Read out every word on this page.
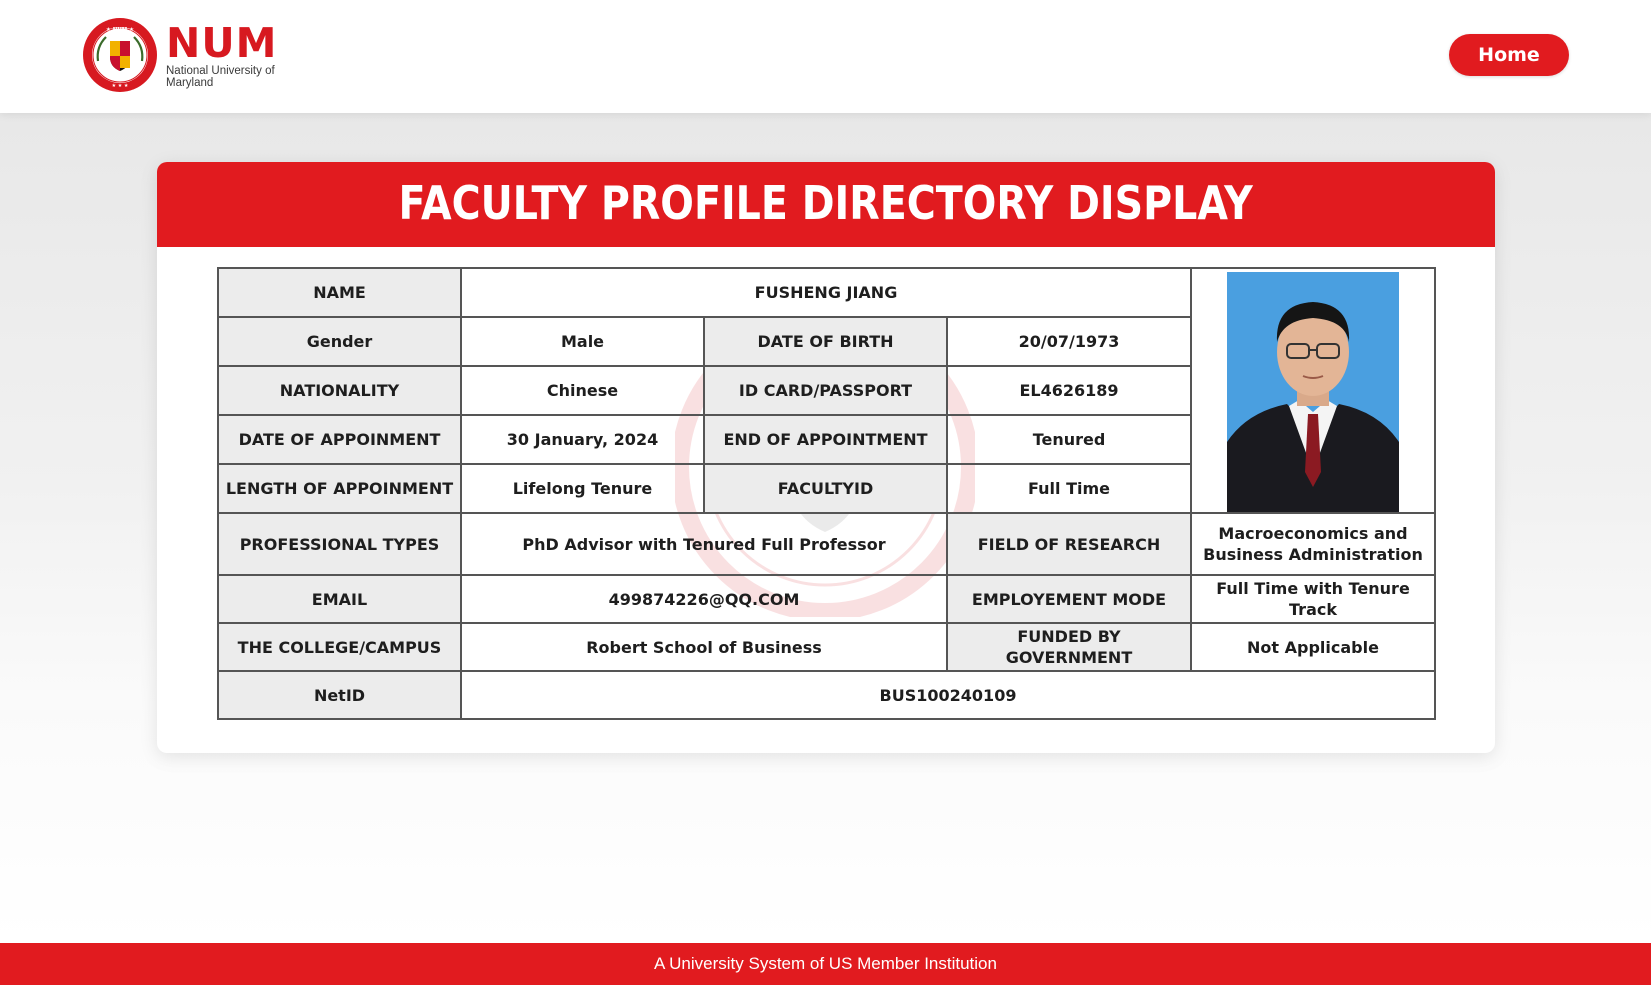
★ NUM ★
★ ★ ★
NUM
National University of Maryland
Home
FACULTY PROFILE DIRECTORY DISPLAY
NAME	FUSHENG JIANG	

Gender	Male	DATE OF BIRTH	20/07/1973	
NATIONALITY	Chinese	ID CARD/PASSPORT	EL4626189	
DATE OF APPOINMENT	30 January, 2024	END OF APPOINTMENT	Tenured	
LENGTH OF APPOINMENT	Lifelong Tenure	FACULTYID	Full Time	
PROFESSIONAL TYPES	PhD Advisor with Tenured Full Professor		FIELD OF RESEARCH	Macroeconomics and Business Administration
EMAIL	499874226@QQ.COM		EMPLOYEMENT MODE	Full Time with Tenure Track
THE COLLEGE/CAMPUS	Robert School of Business		FUNDED BY GOVERNMENT	Not Applicable
NetID	BUS100240109			
A University System of US Member Institution
